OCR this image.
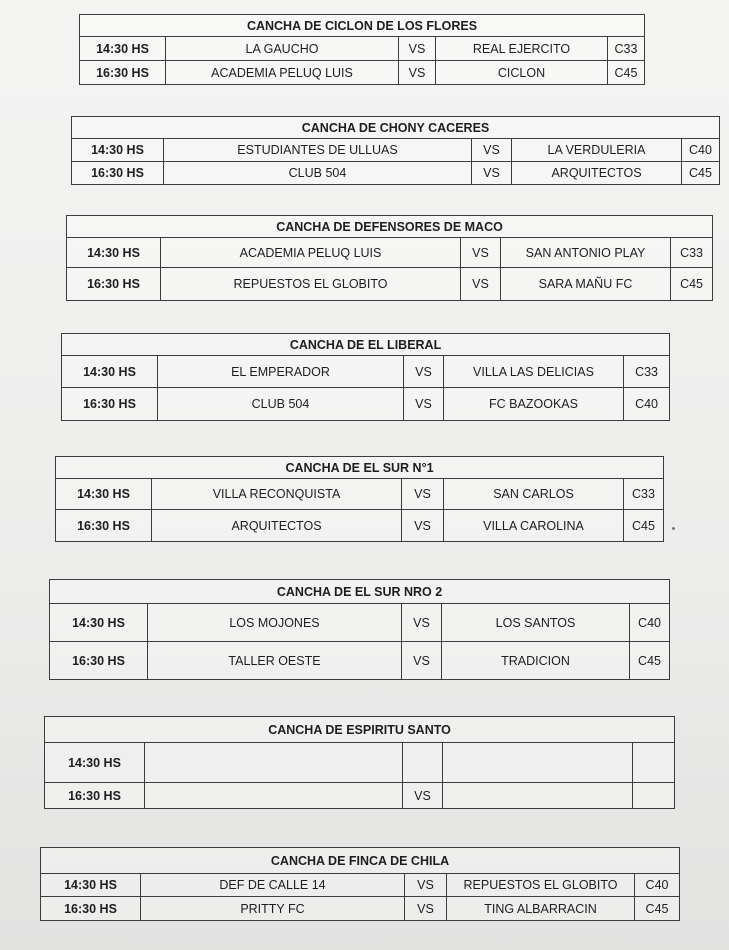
CANCHA DE CICLON DE LOS FLORES				
14:30 HS	LA GAUCHO	VS	REAL EJERCITO	C33
16:30 HS	ACADEMIA PELUQ LUIS	VS	CICLON	C45
CANCHA DE CHONY CACERES				
14:30 HS	ESTUDIANTES DE ULLUAS	VS	LA VERDULERIA	C40
16:30 HS	CLUB 504	VS	ARQUITECTOS	C45
CANCHA DE DEFENSORES DE MACO				
14:30 HS	ACADEMIA PELUQ LUIS	VS	SAN ANTONIO PLAY	C33
16:30 HS	REPUESTOS EL GLOBITO	VS	SARA MAÑU FC	C45
CANCHA DE EL LIBERAL				
14:30 HS	EL EMPERADOR	VS	VILLA LAS DELICIAS	C33
16:30 HS	CLUB 504	VS	FC BAZOOKAS	C40
CANCHA DE EL SUR N°1				
14:30 HS	VILLA RECONQUISTA	VS	SAN CARLOS	C33
16:30 HS	ARQUITECTOS	VS	VILLA CAROLINA	C45
CANCHA DE EL SUR NRO 2				
14:30 HS	LOS MOJONES	VS	LOS SANTOS	C40
16:30 HS	TALLER OESTE	VS	TRADICION	C45
CANCHA DE ESPIRITU SANTO				
14:30 HS				
16:30 HS		VS		
CANCHA DE FINCA DE CHILA				
14:30 HS	DEF DE CALLE 14	VS	REPUESTOS EL GLOBITO	C40
16:30 HS	PRITTY FC	VS	TING ALBARRACIN	C45
